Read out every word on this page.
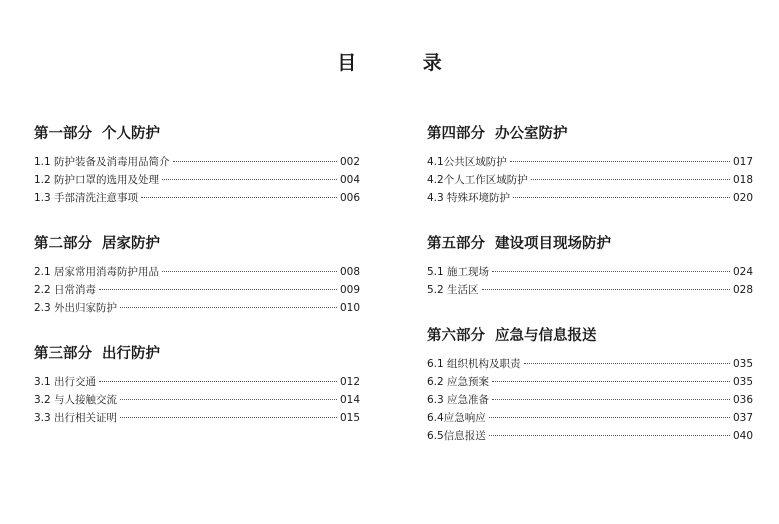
目 录
第一部分 个人防护
1.1 防护装备及消毒用品简介	002
1.2 防护口罩的选用及处理	004
1.3 手部清洗注意事项	006
第二部分 居家防护
2.1 居家常用消毒防护用品	008
2.2 日常消毒	009
2.3 外出归家防护	010
第三部分 出行防护
3.1 出行交通	012
3.2 与人接触交流	014
3.3 出行相关证明	015
第四部分 办公室防护
4.1公共区域防护	017
4.2个人工作区域防护	018
4.3 特殊环境防护	020
第五部分 建设项目现场防护
5.1 施工现场	024
5.2 生活区	028
第六部分 应急与信息报送
6.1 组织机构及职责	035
6.2 应急预案	035
6.3 应急准备	036
6.4应急响应	037
6.5信息报送	040
